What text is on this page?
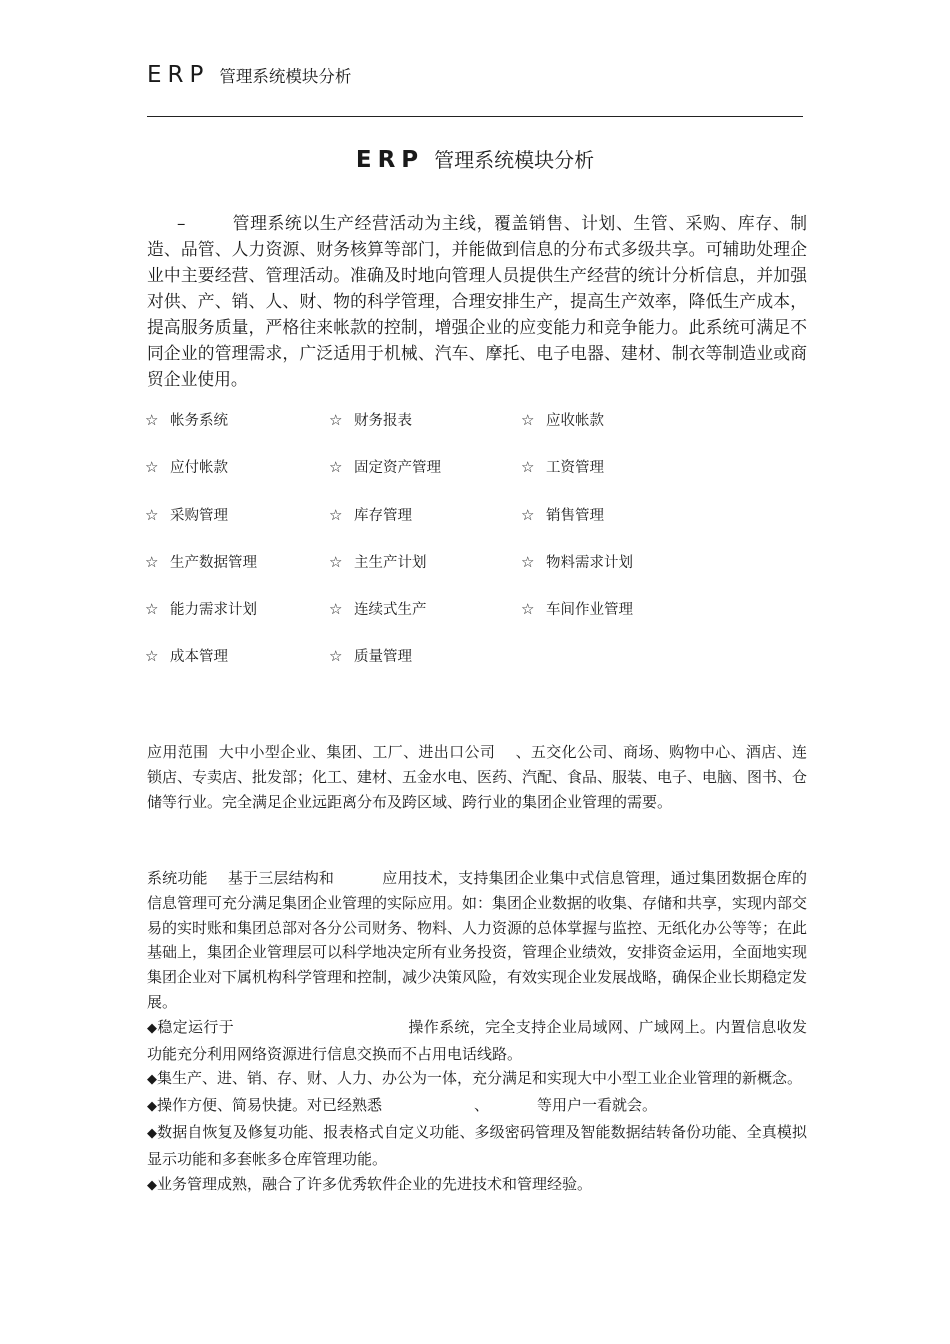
ERP 管理系统模块分析
ERP 管理系统模块分析
–	管理系统以生产经营活动为主线，覆盖销售、计划、生管、采购、库存、制造、品管、人力资源、财务核算等部门，并能做到信息的分布式多级共享。可辅助处理企业中主要经营、管理活动。准确及时地向管理人员提供生产经营的统计分析信息，并加强对供、产、销、人、财、物的科学管理，合理安排生产，提高生产效率，降低生产成本，提高服务质量，严格往来帐款的控制，增强企业的应变能力和竞争能力。此系统可满足不同企业的管理需求，广泛适用于机械、汽车、摩托、电子电器、建材、制衣等制造业或商贸企业使用。
☆ 帐务系统	☆ 财务报表	☆ 应收帐款
☆ 应付帐款	☆ 固定资产管理	☆ 工资管理
☆ 采购管理	☆ 库存管理	☆ 销售管理
☆ 生产数据管理	☆ 主生产计划	☆ 物料需求计划
☆ 能力需求计划	☆ 连续式生产	☆ 车间作业管理
☆ 成本管理	☆ 质量管理
应用范围 大中小型企业、集团、工厂、进出口公司 、五交化公司、商场、购物中心、酒店、连锁店、专卖店、批发部；化工、建材、五金水电、医药、汽配、食品、服装、电子、电脑、图书、仓储等行业。完全满足企业远距离分布及跨区域、跨行业的集团企业管理的需要。
系统功能 基于三层结构和	应用技术，支持集团企业集中式信息管理，通过集团数据仓库的信息管理可充分满足集团企业管理的实际应用。如：集团企业数据的收集、存储和共享，实现内部交易的实时账和集团总部对各分公司财务、物料、人力资源的总体掌握与监控、无纸化办公等等；在此基础上，集团企业管理层可以科学地决定所有业务投资，管理企业绩效，安排资金运用，全面地实现集团企业对下属机构科学管理和控制，减少决策风险，有效实现企业发展战略，确保企业长期稳定发展。
◆稳定运行于	操作系统，完全支持企业局域网、广域网上。内置信息收发功能充分利用网络资源进行信息交换而不占用电话线路。
◆集生产、进、销、存、财、人力、办公为一体，充分满足和实现大中小型工业企业管理的新概念。
◆操作方便、简易快捷。对已经熟悉	、	等用户一看就会。
◆数据自恢复及修复功能、报表格式自定义功能、多级密码管理及智能数据结转备份功能、全真模拟显示功能和多套帐多仓库管理功能。
◆业务管理成熟，融合了许多优秀软件企业的先进技术和管理经验。
